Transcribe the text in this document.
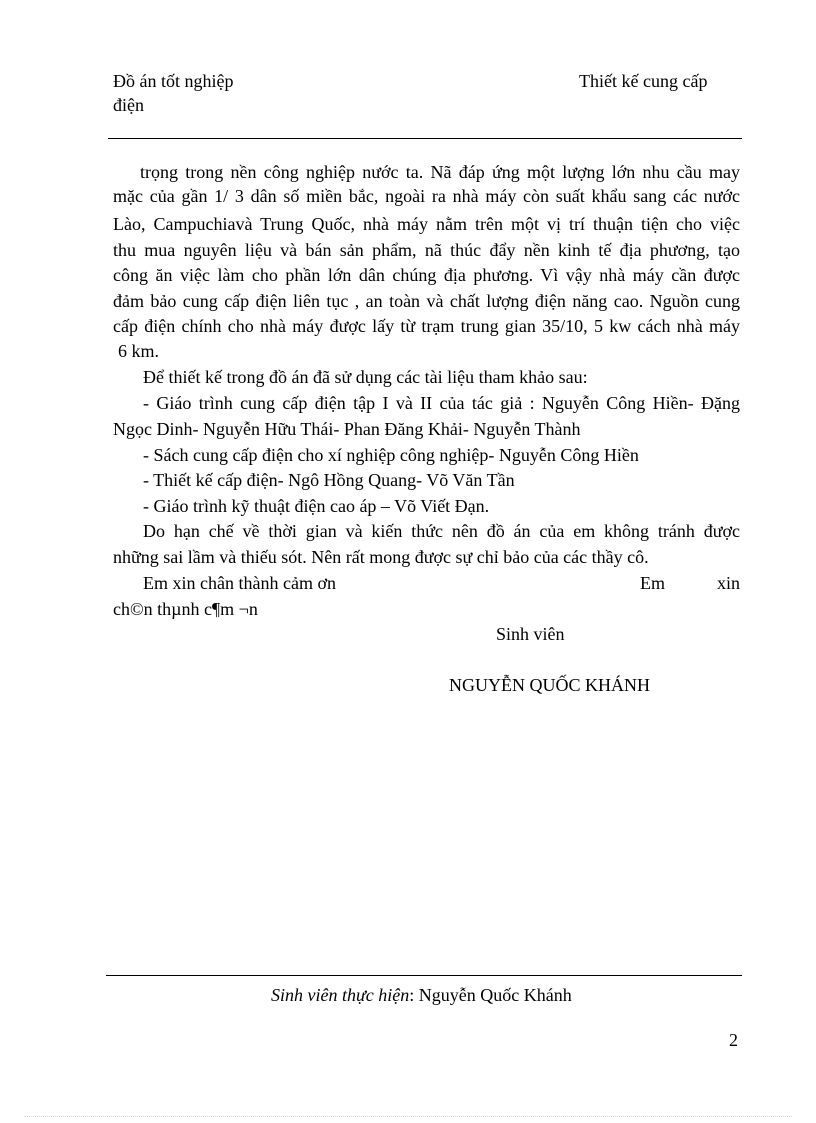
Đồ án tốt nghiệp
điện
Thiết kế cung cấp
trọng trong nền công nghiệp nước ta. Nã đáp ứng một lượng lớn nhu cầu may
mặc của gần 1/ 3 dân số miền bắc, ngoài ra nhà máy còn suất khẩu sang các nước
Lào, Campuchiavà Trung Quốc, nhà máy nằm trên một vị trí thuận tiện cho việc
thu mua nguyên liệu và bán sản phẩm, nã thúc đẩy nền kinh tế địa phương, tạo
công ăn việc làm cho phần lớn dân chúng địa phương. Vì vậy nhà máy cần được
đảm bảo cung cấp điện liên tục , an toàn và chất lượng điện năng cao. Nguồn cung
cấp điện chính cho nhà máy được lấy từ trạm trung gian 35/10, 5 kw cách nhà máy
6 km.
Để thiết kế trong đồ án đã sử dụng các tài liệu tham khảo sau:
- Giáo trình cung cấp điện tập I và II của tác giả : Nguyễn Công Hiền- Đặng
Ngọc Dinh- Nguyễn Hữu Thái- Phan Đăng Khải- Nguyễn Thành
- Sách cung cấp điện cho xí nghiệp công nghiệp- Nguyễn Công Hiền
- Thiết kế cấp điện- Ngô Hồng Quang- Võ Văn Tần
- Giáo trình kỹ thuật điện cao áp – Võ Viết Đạn.
Do hạn chế về thời gian và kiến thức nên đồ án của em không tránh được
những sai lầm và thiếu sót. Nên rất mong được sự chỉ bảo của các thầy cô.
Em xin chân thành cảm ơn	Em	xin
ch©n thµnh c¶m ¬n
Sinh viên
NGUYỄN QUỐC KHÁNH
Sinh viên thực hiện: Nguyễn Quốc Khánh
2
